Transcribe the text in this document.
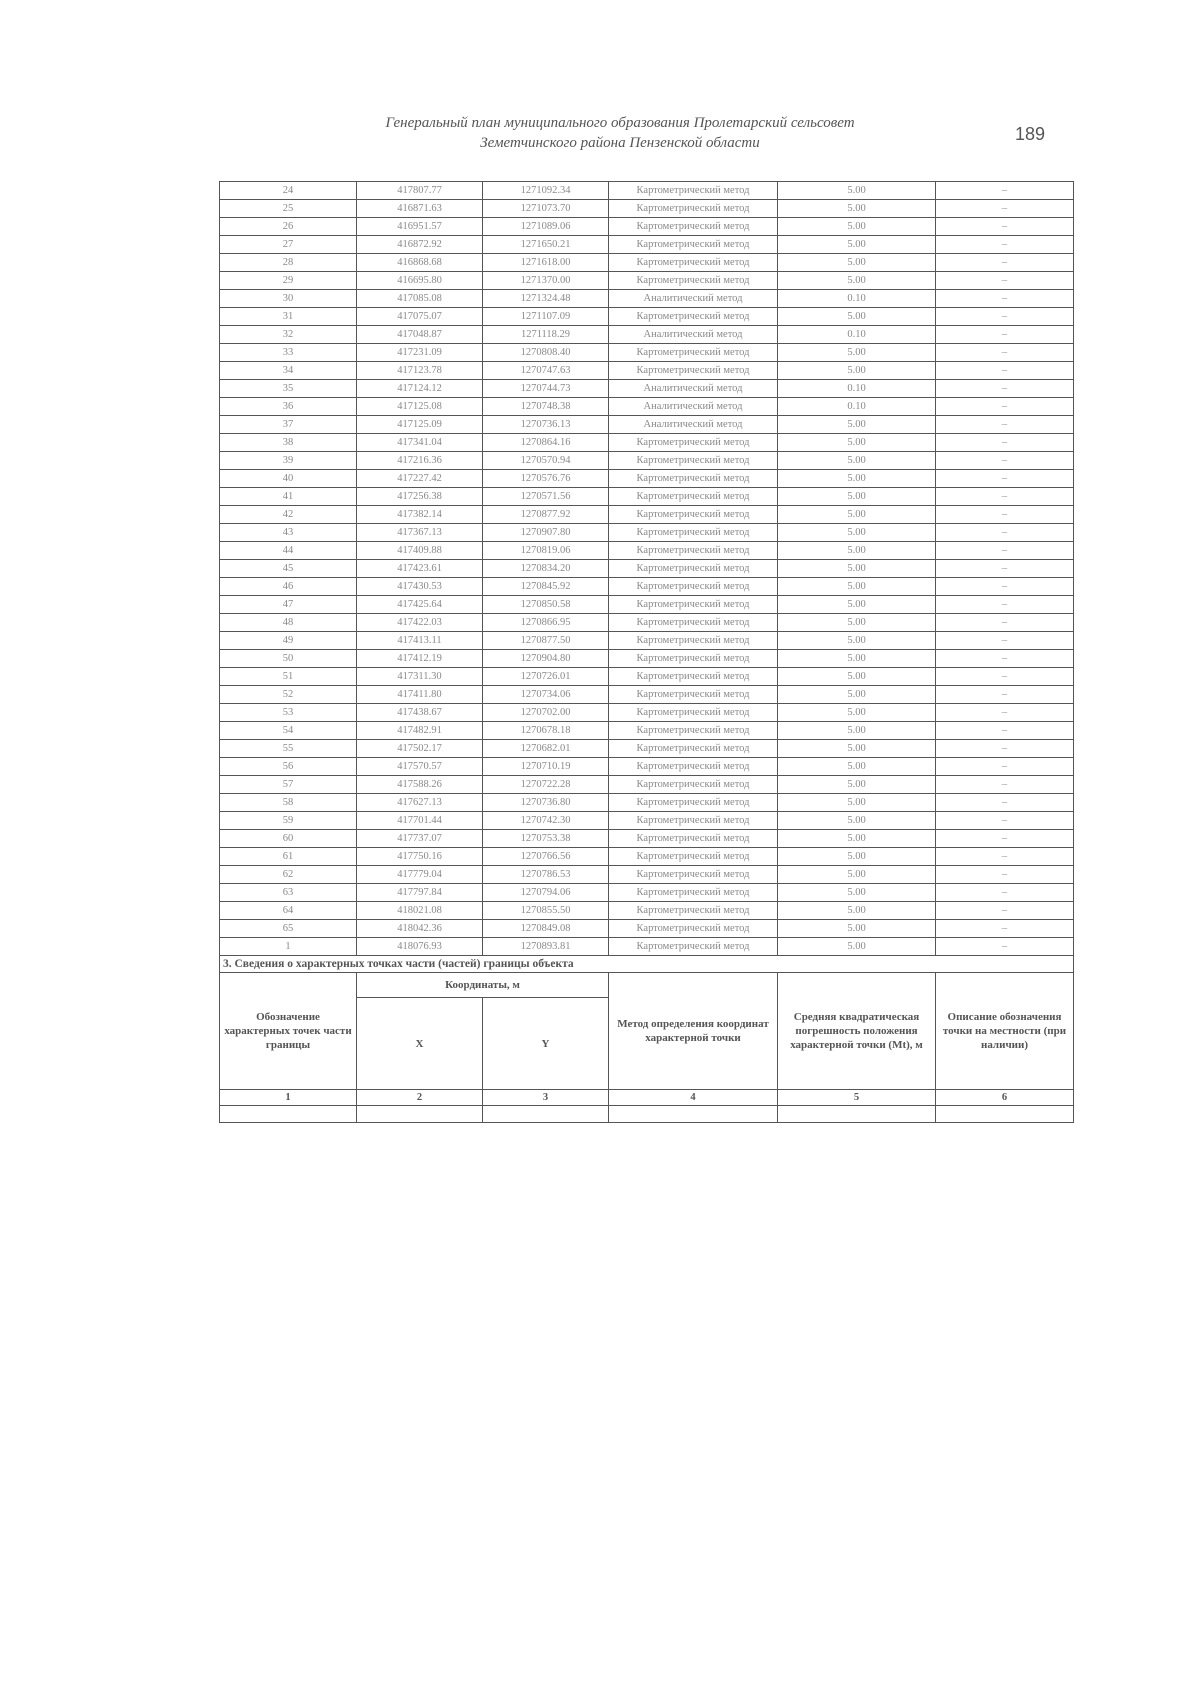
Генеральный план муниципального образования Пролетарский сельсовет
Земетчинского района Пензенской области	189
24	417807.77	1271092.34	Картометрический метод	5.00	–
25	416871.63	1271073.70	Картометрический метод	5.00	–
26	416951.57	1271089.06	Картометрический метод	5.00	–
27	416872.92	1271650.21	Картометрический метод	5.00	–
28	416868.68	1271618.00	Картометрический метод	5.00	–
29	416695.80	1271370.00	Картометрический метод	5.00	–
30	417085.08	1271324.48	Аналитический метод	0.10	–
31	417075.07	1271107.09	Картометрический метод	5.00	–
32	417048.87	1271118.29	Аналитический метод	0.10	–
33	417231.09	1270808.40	Картометрический метод	5.00	–
34	417123.78	1270747.63	Картометрический метод	5.00	–
35	417124.12	1270744.73	Аналитический метод	0.10	–
36	417125.08	1270748.38	Аналитический метод	0.10	–
37	417125.09	1270736.13	Аналитический метод	5.00	–
38	417341.04	1270864.16	Картометрический метод	5.00	–
39	417216.36	1270570.94	Картометрический метод	5.00	–
40	417227.42	1270576.76	Картометрический метод	5.00	–
41	417256.38	1270571.56	Картометрический метод	5.00	–
42	417382.14	1270877.92	Картометрический метод	5.00	–
43	417367.13	1270907.80	Картометрический метод	5.00	–
44	417409.88	1270819.06	Картометрический метод	5.00	–
45	417423.61	1270834.20	Картометрический метод	5.00	–
46	417430.53	1270845.92	Картометрический метод	5.00	–
47	417425.64	1270850.58	Картометрический метод	5.00	–
48	417422.03	1270866.95	Картометрический метод	5.00	–
49	417413.11	1270877.50	Картометрический метод	5.00	–
50	417412.19	1270904.80	Картометрический метод	5.00	–
51	417311.30	1270726.01	Картометрический метод	5.00	–
52	417411.80	1270734.06	Картометрический метод	5.00	–
53	417438.67	1270702.00	Картометрический метод	5.00	–
54	417482.91	1270678.18	Картометрический метод	5.00	–
55	417502.17	1270682.01	Картометрический метод	5.00	–
56	417570.57	1270710.19	Картометрический метод	5.00	–
57	417588.26	1270722.28	Картометрический метод	5.00	–
58	417627.13	1270736.80	Картометрический метод	5.00	–
59	417701.44	1270742.30	Картометрический метод	5.00	–
60	417737.07	1270753.38	Картометрический метод	5.00	–
61	417750.16	1270766.56	Картометрический метод	5.00	–
62	417779.04	1270786.53	Картометрический метод	5.00	–
63	417797.84	1270794.06	Картометрический метод	5.00	–
64	418021.08	1270855.50	Картометрический метод	5.00	–
65	418042.36	1270849.08	Картометрический метод	5.00	–
1	418076.93	1270893.81	Картометрический метод	5.00	–
3. Сведения о характерных точках части (частей) границы объекта					
Обозначение характерных точек части границы	Координаты, м		Метод определения координат характерной точки	Средняя квадратическая погрешность положения характерной точки (Mt), м	Описание обозначения точки на местности (при наличии)
	X	Y			
1	2	3	4	5	6
